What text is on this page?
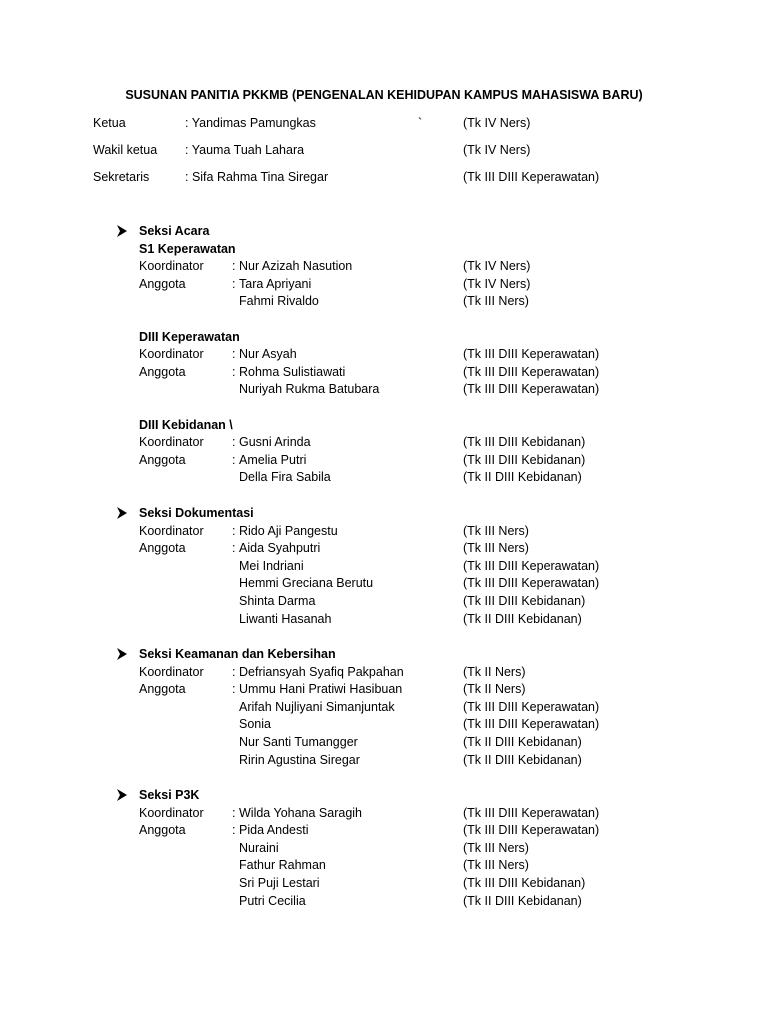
SUSUNAN PANITIA PKKMB (PENGENALAN KEHIDUPAN KAMPUS MAHASISWA BARU)
Ketua	: Yandimas Pamungkas	`	(Tk IV Ners)
Wakil ketua : Yauma Tuah Lahara	(Tk IV Ners)
Sekretaris	: Sifa Rahma Tina Siregar	(Tk III DIII Keperawatan)
Seksi Acara
S1 Keperawatan
Koordinator : Nur Azizah Nasution	(Tk IV Ners)
Anggota	: Tara Apriyani	(Tk IV Ners)
Fahmi Rivaldo	(Tk III Ners)
DIII Keperawatan
Koordinator : Nur Asyah	(Tk III DIII Keperawatan)
Anggota	: Rohma Sulistiawati	(Tk III DIII Keperawatan)
Nuriyah Rukma Batubara	(Tk III DIII Keperawatan)
DIII Kebidanan \
Koordinator : Gusni Arinda	(Tk III DIII Kebidanan)
Anggota	: Amelia Putri	(Tk III DIII Kebidanan)
Della Fira Sabila	(Tk II DIII Kebidanan)
Seksi Dokumentasi
Koordinator : Rido Aji Pangestu	(Tk III Ners)
Anggota	: Aida Syahputri	(Tk III Ners)
Mei Indriani	(Tk III DIII Keperawatan)
Hemmi Greciana Berutu	(Tk III DIII Keperawatan)
Shinta Darma	(Tk III DIII Kebidanan)
Liwanti Hasanah	(Tk II DIII Kebidanan)
Seksi Keamanan dan Kebersihan
Koordinator : Defriansyah Syafiq Pakpahan	(Tk II Ners)
Anggota	: Ummu Hani Pratiwi Hasibuan	(Tk II Ners)
Arifah Nujliyani Simanjuntak	(Tk III DIII Keperawatan)
Sonia	(Tk III DIII Keperawatan)
Nur Santi Tumangger	(Tk II DIII Kebidanan)
Ririn Agustina Siregar	(Tk II DIII Kebidanan)
Seksi P3K
Koordinator : Wilda Yohana Saragih	(Tk III DIII Keperawatan)
Anggota	: Pida Andesti	(Tk III DIII Keperawatan)
Nuraini	(Tk III Ners)
Fathur Rahman	(Tk III Ners)
Sri Puji Lestari	(Tk III DIII Kebidanan)
Putri Cecilia	(Tk II DIII Kebidanan)
